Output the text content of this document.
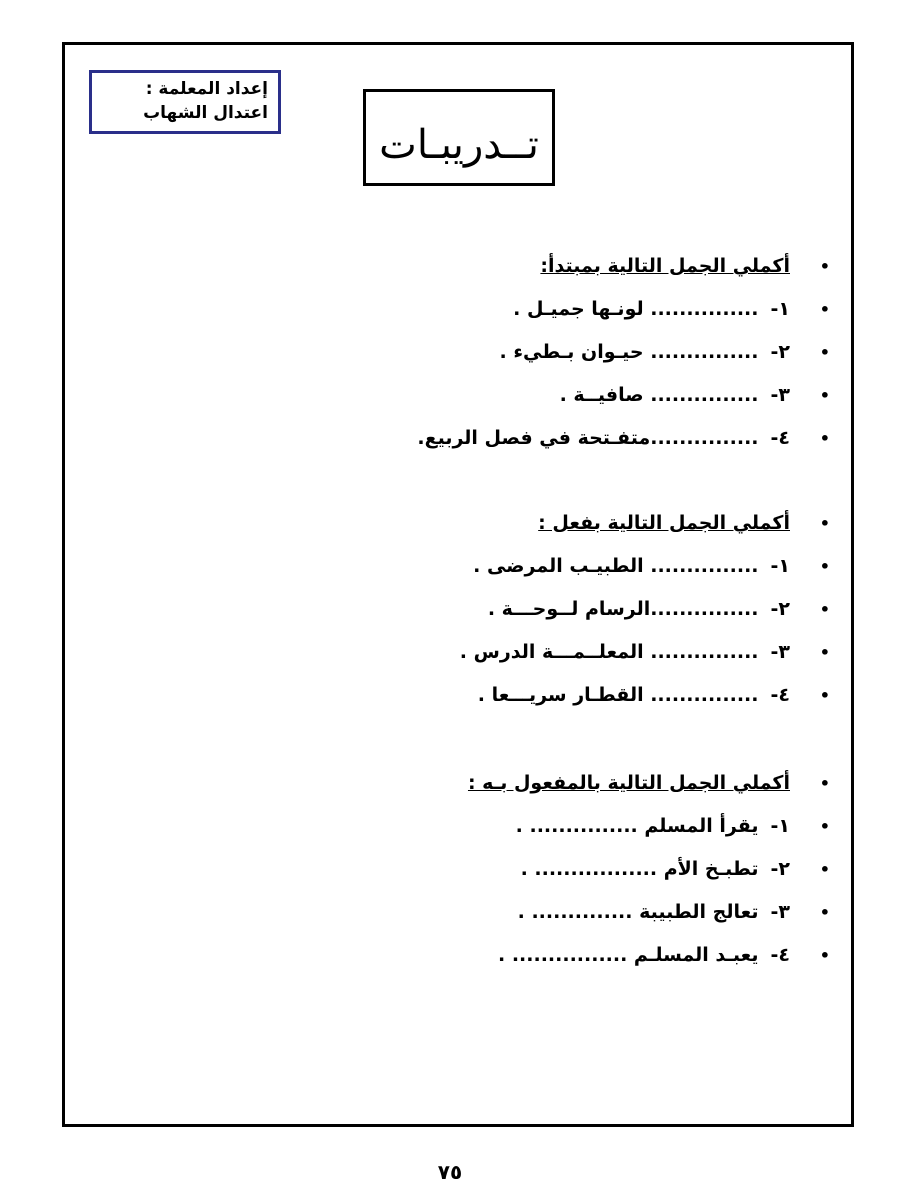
إعداد المعلمة :
اعتدال الشهاب
تــدريبـات
•
أكملي الجمل التالية بمبتدأ:
•
١-............... لونـها جميـل .
•
٢-............... حيـوان بـطيء .
•
٣-............... صافيــة .
•
٤-...............متفـتحة في فصل الربيع.
•
أكملي الجمل التالية بفعل :
•
١-............... الطبيـب المرضى .
•
٢-...............الرسام لــوحـــة .
•
٣-............... المعلــمـــة الدرس .
•
٤-............... القطـار سريـــعا .
•
أكملي الجمل التالية بالمفعول بـه :
•
١-يقرأ المسلم ............... .
•
٢-تطبـخ الأم ................. .
•
٣-تعالج الطبيبة .............. .
•
٤-يعبـد المسلـم ................ .
٧٥
